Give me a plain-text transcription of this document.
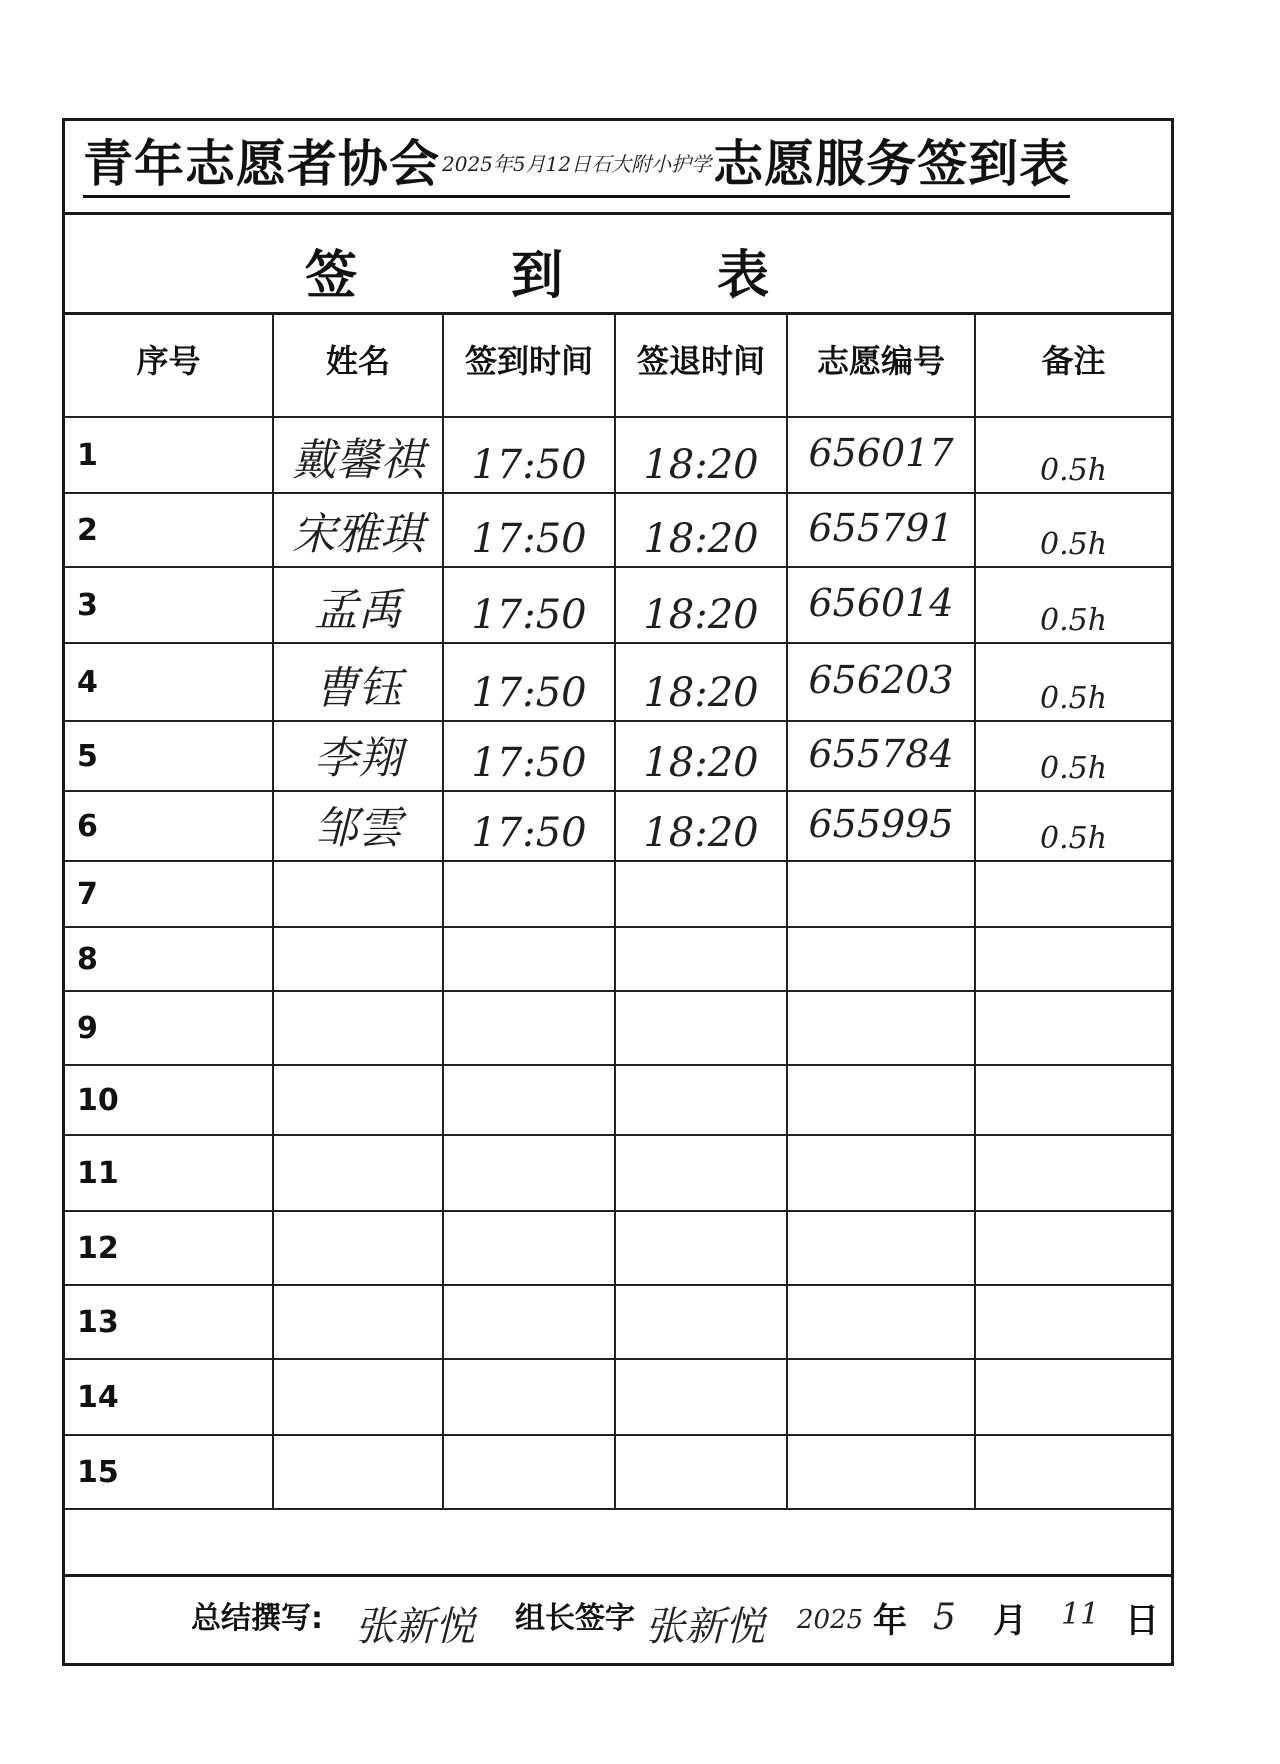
青年志愿者协会 2025年5月12日石大附小护学 志愿服务签到表
签	到	表
序号	姓名	签到时间	签退时间	志愿编号	备注
1	戴馨祺	17:50	18:20	656017	0.5h
2	宋雅琪	17:50	18:20	655791	0.5h
3	孟禹	17:50	18:20	656014	0.5h
4	曹钰	17:50	18:20	656203	0.5h
5	李翔	17:50	18:20	655784	0.5h
6	邹雲	17:50	18:20	655995	0.5h
7					
8					
9					
10					
11					
12					
13					
14					
15					
总结撰写: 张新悦 组长签字 张新悦 2025 年 5 月 11 日
